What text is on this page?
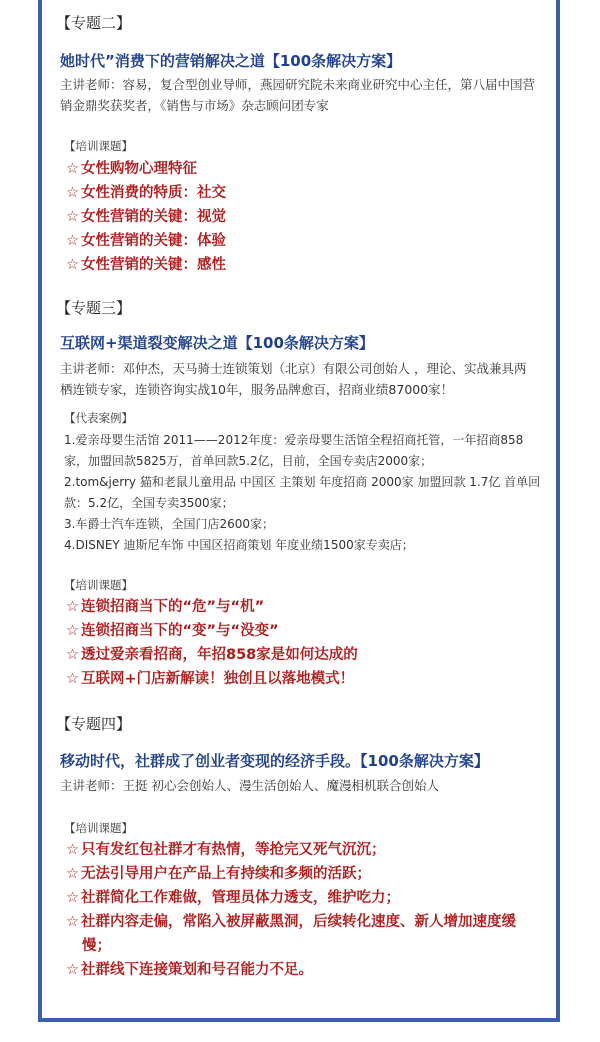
【专题二】
她时代”消费下的营销解决之道【100条解决方案】
主讲老师：容易，复合型创业导师，燕园研究院未来商业研究中心主任，第八届中国营销金鼎奖获奖者，《销售与市场》杂志顾问团专家
【培训课题】
☆ 女性购物心理特征
☆ 女性消费的特质：社交
☆ 女性营销的关键：视觉
☆ 女性营销的关键：体验
☆ 女性营销的关键：感性
【专题三】
互联网+渠道裂变解决之道【100条解决方案】
主讲老师：邓仲杰，天马骑士连锁策划（北京）有限公司创始人 ，理论、实战兼具两栖连锁专家，连锁咨询实战10年，服务品牌愈百，招商业绩87000家！
【代表案例】
1.爱亲母婴生活馆 2011——2012年度：爱亲母婴生活馆全程招商托管，一年招商858家，加盟回款5825万，首单回款5.2亿，目前，全国专卖店2000家；
2.tom&jerry 猫和老鼠儿童用品 中国区 主策划 年度招商 2000家 加盟回款 1.7亿 首单回款：5.2亿，全国专卖3500家；
3.车爵士汽车连锁，全国门店2600家；
4.DISNEY 迪斯尼车饰 中国区招商策划 年度业绩1500家专卖店；
【培训课题】
☆ 连锁招商当下的“危”与“机”
☆ 连锁招商当下的“变”与“没变”
☆ 透过爱亲看招商，年招858家是如何达成的
☆ 互联网+门店新解读！独创且以落地模式！
【专题四】
移动时代，社群成了创业者变现的经济手段。【100条解决方案】
主讲老师：王挺 初心会创始人、漫生活创始人、魔漫相机联合创始人
【培训课题】
☆ 只有发红包社群才有热情，等抢完又死气沉沉；
☆ 无法引导用户在产品上有持续和多频的活跃；
☆ 社群简化工作难做，管理员体力透支，维护吃力；
☆ 社群内容走偏，常陷入被屏蔽黑洞，后续转化速度、新人增加速度缓慢；
☆ 社群线下连接策划和号召能力不足。
